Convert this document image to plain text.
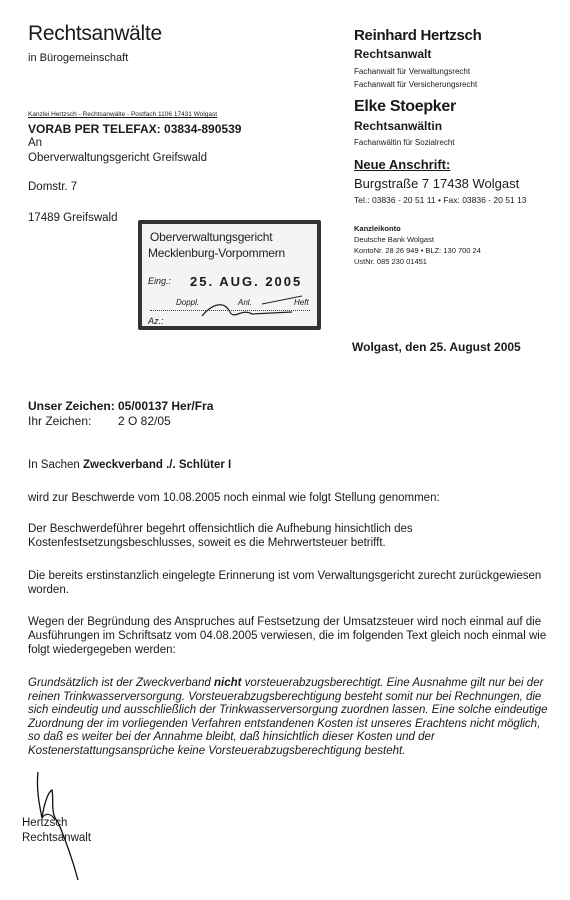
Rechtsanwälte
in Bürogemeinschaft
Reinhard Hertzsch
Rechtsanwalt
Fachanwalt für Verwaltungsrecht
Fachanwalt für Versicherungsrecht
Elke Stoepker
Rechtsanwältin
Fachanwältin für Sozialrecht
Neue Anschrift:
Burgstraße 7 17438 Wolgast
Tel.: 03836 - 20 51 11 • Fax: 03836 - 20 51 13
Kanzleikonto
Deutsche Bank Wolgast
KontoNr. 28 26 949 • BLZ: 130 700 24
UstNr. 085 230 01451
Kanzlei Hertzsch - Rechtsanwälte - Postfach 1106 17431 Wolgast
VORAB PER TELEFAX: 03834-890539
An
Oberverwaltungsgericht Greifswald
Domstr. 7
17489 Greifswald
Oberverwaltungsgericht
Mecklenburg-Vorpommern
Eing.: 25. AUG. 2005
Doppl.	Anl.	Heft
Az.:
Wolgast, den 25. August 2005
Unser Zeichen: 05/00137 Her/Fra
Ihr Zeichen: 2 O 82/05
In Sachen Zweckverband ./. Schlüter I
wird zur Beschwerde vom 10.08.2005 noch einmal wie folgt Stellung genommen:
Der Beschwerdeführer begehrt offensichtlich die Aufhebung hinsichtlich des Kostenfestsetzungsbeschlusses, soweit es die Mehrwertsteuer betrifft.
Die bereits erstinstanzlich eingelegte Erinnerung ist vom Verwaltungsgericht zurecht zurückgewiesen worden.
Wegen der Begründung des Anspruches auf Festsetzung der Umsatzsteuer wird noch einmal auf die Ausführungen im Schriftsatz vom 04.08.2005 verwiesen, die im folgenden Text gleich noch einmal wie folgt wiedergegeben werden:
Grundsätzlich ist der Zweckverband nicht vorsteuerabzugsberechtigt. Eine Ausnahme gilt nur bei der reinen Trinkwasserversorgung. Vorsteuerabzugsberechtigung besteht somit nur bei Rechnungen, die sich eindeutig und ausschließlich der Trinkwasserversorgung zuordnen lassen. Eine solche eindeutige Zuordnung der im vorliegenden Verfahren entstandenen Kosten ist unseres Erachtens nicht möglich, so daß es weiter bei der Annahme bleibt, daß hinsichtlich dieser Kosten und der Kostenerstattungsansprüche keine Vorsteuerabzugsberechtigung besteht.
Hertzsch
Rechtsanwalt
